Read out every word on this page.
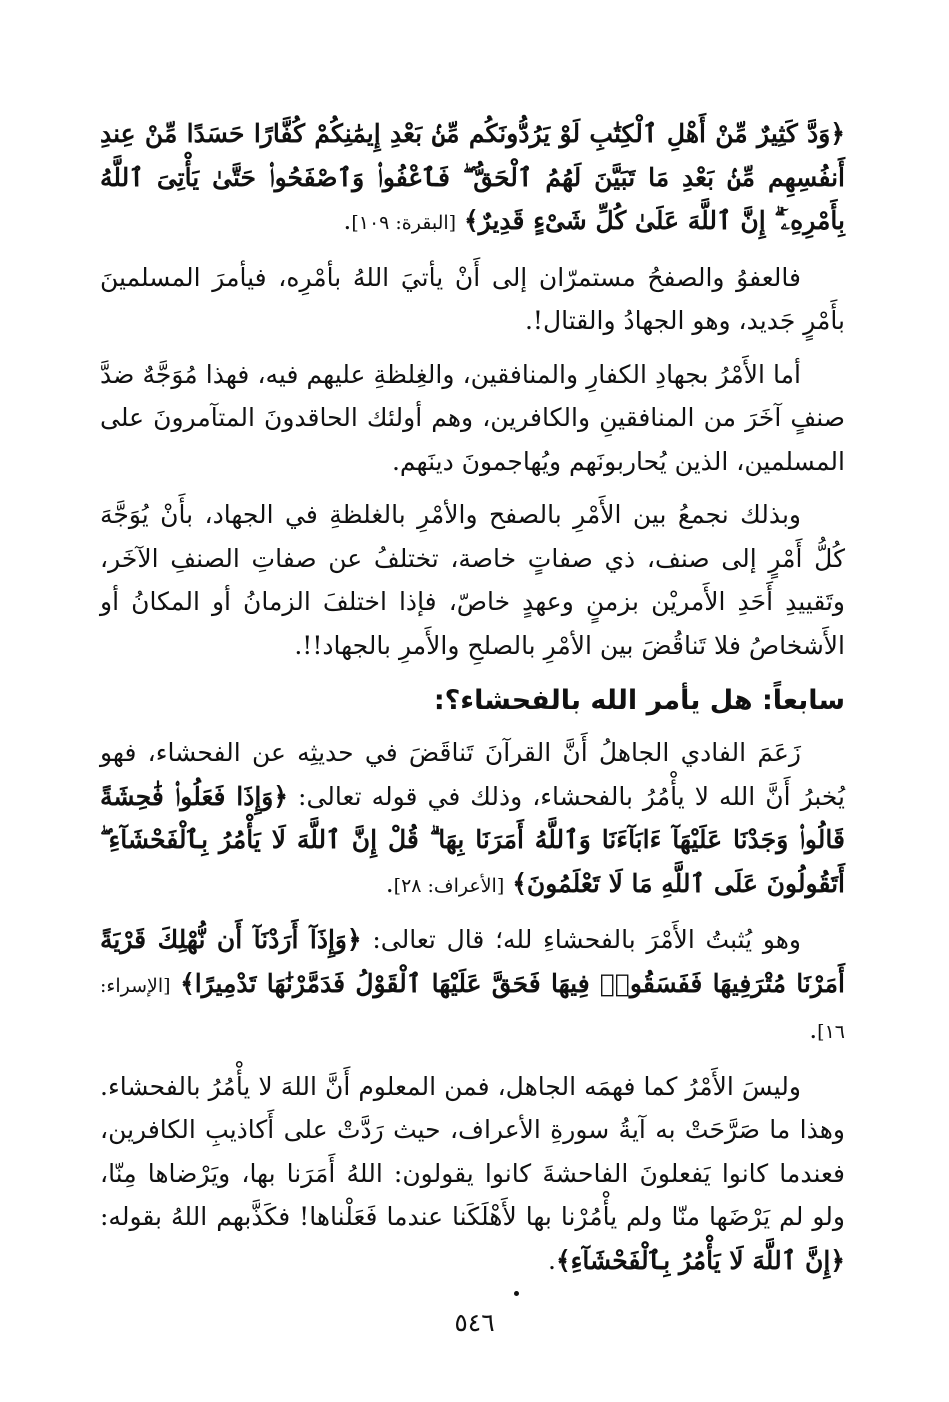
﴿وَدَّ كَثِيرٌ مِّنْ أَهْلِ ٱلْكِتَٰبِ لَوْ يَرُدُّونَكُم مِّنۢ بَعْدِ إِيمَٰنِكُمْ كُفَّارًا حَسَدًا مِّنْ عِندِ أَنفُسِهِم مِّنۢ بَعْدِ مَا تَبَيَّنَ لَهُمُ ٱلْحَقُّ ۖ فَٱعْفُوا۟ وَٱصْفَحُوا۟ حَتَّىٰ يَأْتِىَ ٱللَّهُ بِأَمْرِهِۦٓ ۗ إِنَّ ٱللَّهَ عَلَىٰ كُلِّ شَىْءٍ قَدِيرٌ﴾ [البقرة: ١٠٩].

فالعفوُ والصفحُ مستمرّان إلى أَنْ يأتيَ اللهُ بأمْرِه، فيأمرَ المسلمينَ بأَمْرٍ جَديد، وهو الجهادُ والقتال!.

أما الأَمْرُ بجهادِ الكفارِ والمنافقين، والغِلظةِ عليهم فيه، فهذا مُوَجَّهٌ ضدَّ صنفٍ آخَرَ من المنافقينِ والكافرين، وهم أولئك الحاقدونَ المتآمرونَ على المسلمين، الذين يُحاربونَهم ويُهاجمونَ دينَهم.

وبذلك نجمعُ بين الأَمْرِ بالصفح والأمْرِ بالغلظةِ في الجهاد، بأَنْ يُوَجَّهَ كُلُّ أَمْرٍ إلى صنف، ذي صفاتٍ خاصة، تختلفُ عن صفاتِ الصنفِ الآخَر، وتَقييدِ أَحَدِ الأَمريْن بزمنٍ وعهدٍ خاصّ، فإذا اختلفَ الزمانُ أو المكانُ أو الأَشخاصُ فلا تَناقُضَ بين الأمْرِ بالصلحِ والأَمرِ بالجهاد!!.

سابعاً: هل يأمر الله بالفحشاء؟:

زَعَمَ الفادي الجاهلُ أَنَّ القرآنَ تَناقَضَ في حديثِه عن الفحشاء، فهو يُخبرُ أَنَّ الله لا يأْمُرُ بالفحشاء، وذلك في قوله تعالى: ﴿وَإِذَا فَعَلُوا۟ فَٰحِشَةً قَالُوا۟ وَجَدْنَا عَلَيْهَآ ءَابَآءَنَا وَٱللَّهُ أَمَرَنَا بِهَا ۗ قُلْ إِنَّ ٱللَّهَ لَا يَأْمُرُ بِٱلْفَحْشَآءِ ۖ أَتَقُولُونَ عَلَى ٱللَّهِ مَا لَا تَعْلَمُونَ﴾ [الأعراف: ٢٨].

وهو يُثبتُ الأَمْرَ بالفحشاءِ لله؛ قال تعالى: ﴿وَإِذَآ أَرَدْنَآ أَن نُّهْلِكَ قَرْيَةً أَمَرْنَا مُتْرَفِيهَا فَفَسَقُوا۟ فِيهَا فَحَقَّ عَلَيْهَا ٱلْقَوْلُ فَدَمَّرْنَٰهَا تَدْمِيرًا﴾ [الإسراء: ١٦].

وليسَ الأَمْرُ كما فهمَه الجاهل، فمن المعلوم أَنَّ اللهَ لا يأْمُرُ بالفحشاء. وهذا ما صَرَّحَتْ به آيةُ سورةِ الأعراف، حيث رَدَّتْ على أَكاذيبِ الكافرين، فعندما كانوا يَفعلونَ الفاحشةَ كانوا يقولون: اللهُ أَمَرَنا بها، ويَرْضاها مِنّا، ولو لم يَرْضَها منّا ولم يأْمُرْنا بها لأَهْلَكَنا عندما فَعَلْناها! فكَذَّبهم اللهُ بقوله: ﴿إِنَّ ٱللَّهَ لَا يَأْمُرُ بِٱلْفَحْشَآءِ﴾.

٥٤٦
